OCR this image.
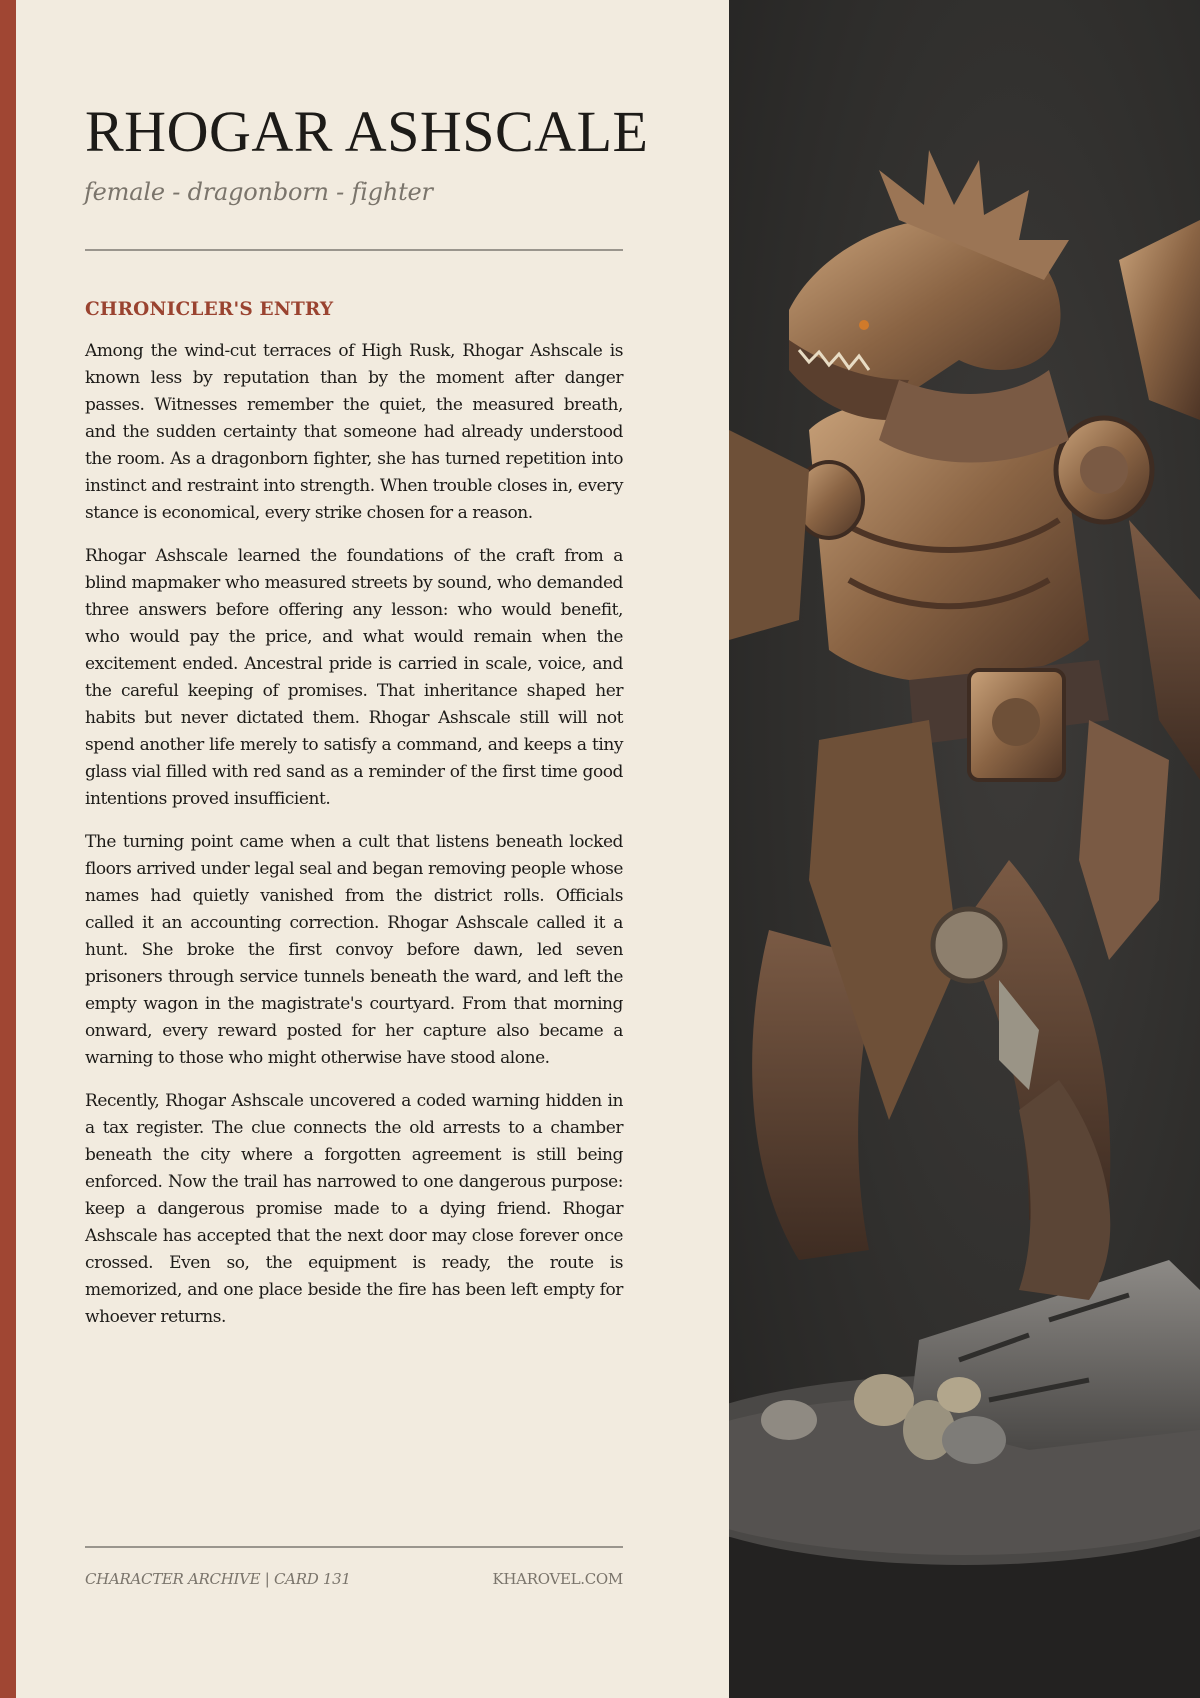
RHOGAR ASHSCALE
female - dragonborn - fighter
CHRONICLER'S ENTRY

Among the wind-cut terraces of High Rusk, Rhogar Ashscale is known less by reputation than by the moment after danger passes. Witnesses remember the quiet, the measured breath, and the sudden certainty that someone had already understood the room. As a dragonborn fighter, she has turned repetition into instinct and restraint into strength. When trouble closes in, every stance is economical, every strike chosen for a reason.

Rhogar Ashscale learned the foundations of the craft from a blind mapmaker who measured streets by sound, who demanded three answers before offering any lesson: who would benefit, who would pay the price, and what would remain when the excitement ended. Ancestral pride is carried in scale, voice, and the careful keeping of promises. That inheritance shaped her habits but never dictated them. Rhogar Ashscale still will not spend another life merely to satisfy a command, and keeps a tiny glass vial filled with red sand as a reminder of the first time good intentions proved insufficient.

The turning point came when a cult that listens beneath locked floors arrived under legal seal and began removing people whose names had quietly vanished from the district rolls. Officials called it an accounting correction. Rhogar Ashscale called it a hunt. She broke the first convoy before dawn, led seven prisoners through service tunnels beneath the ward, and left the empty wagon in the magistrate's courtyard. From that morning onward, every reward posted for her capture also became a warning to those who might otherwise have stood alone.

Recently, Rhogar Ashscale uncovered a coded warning hidden in a tax register. The clue connects the old arrests to a chamber beneath the city where a forgotten agreement is still being enforced. Now the trail has narrowed to one dangerous purpose: keep a dangerous promise made to a dying friend. Rhogar Ashscale has accepted that the next door may close forever once crossed. Even so, the equipment is ready, the route is memorized, and one place beside the fire has been left empty for whoever returns.

CHARACTER ARCHIVE | CARD 131	KHAROVEL.COM
